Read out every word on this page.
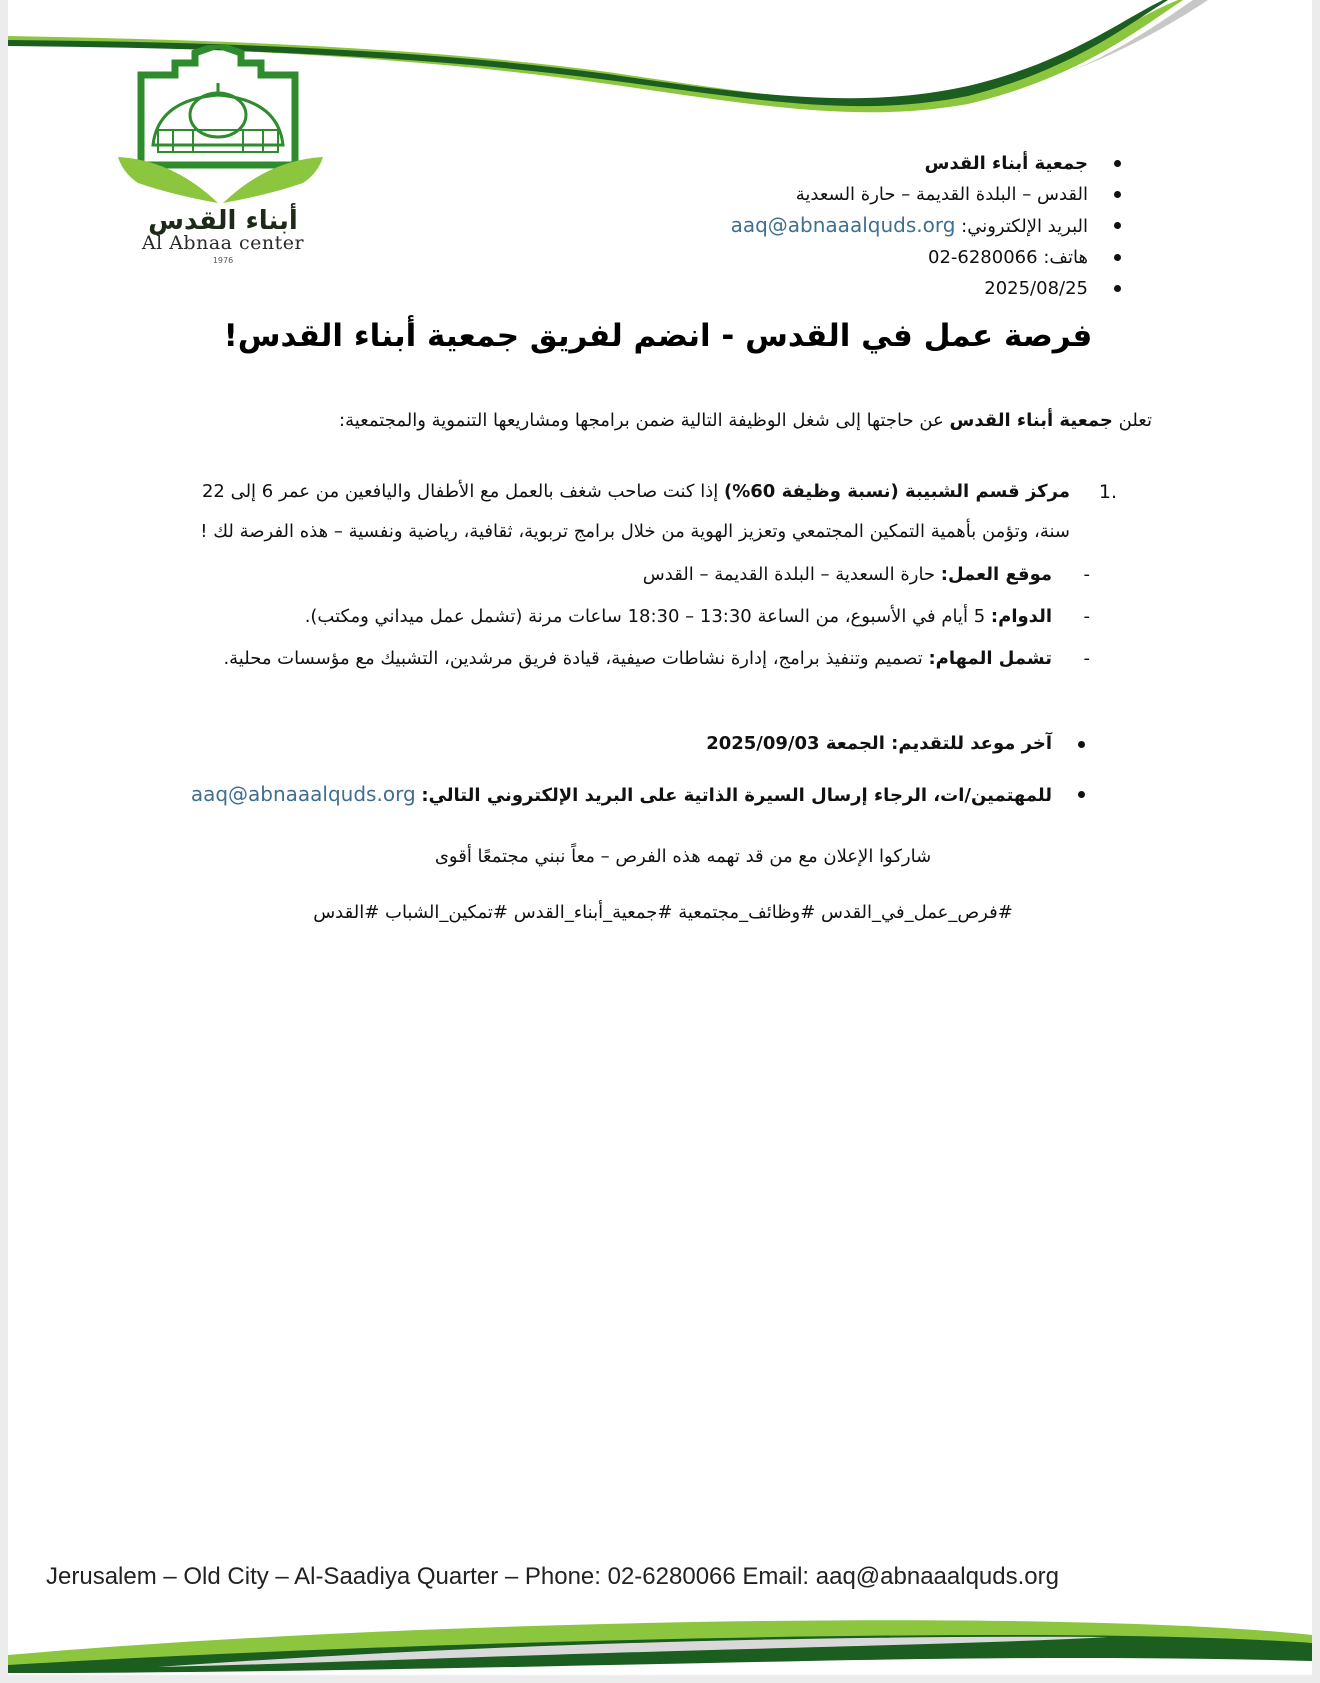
أبناء القدس
Al Abnaa center
1976
جمعية أبناء القدس
القدس – البلدة القديمة – حارة السعدية
البريد الإلكتروني: aaq@abnaaalquds.org
هاتف: 02-6280066
2025/08/25
فرصة عمل في القدس - انضم لفريق جمعية أبناء القدس!
تعلن جمعية أبناء القدس عن حاجتها إلى شغل الوظيفة التالية ضمن برامجها ومشاريعها التنموية والمجتمعية:
1.
مركز قسم الشبيبة (نسبة وظيفة 60%) إذا كنت صاحب شغف بالعمل مع الأطفال واليافعين من عمر 6 إلى 22 سنة، وتؤمن بأهمية التمكين المجتمعي وتعزيز الهوية من خلال برامج تربوية، ثقافية، رياضية ونفسية – هذه الفرصة لك !
- موقع العمل: حارة السعدية – البلدة القديمة – القدس
- الدوام: 5 أيام في الأسبوع، من الساعة 13:30 – 18:30 ساعات مرنة (تشمل عمل ميداني ومكتب).
- تشمل المهام: تصميم وتنفيذ برامج، إدارة نشاطات صيفية، قيادة فريق مرشدين، التشبيك مع مؤسسات محلية.
آخر موعد للتقديم: الجمعة 2025/09/03
للمهتمين/ات، الرجاء إرسال السيرة الذاتية على البريد الإلكتروني التالي: aaq@abnaaalquds.org
شاركوا الإعلان مع من قد تهمه هذه الفرص – معاً نبني مجتمعًا أقوى
#فرص_عمل_في_القدس #وظائف_مجتمعية #جمعية_أبناء_القدس #تمكين_الشباب #القدس
Jerusalem – Old City – Al-Saadiya Quarter – Phone: 02-6280066 Email: aaq@abnaaalquds.org
